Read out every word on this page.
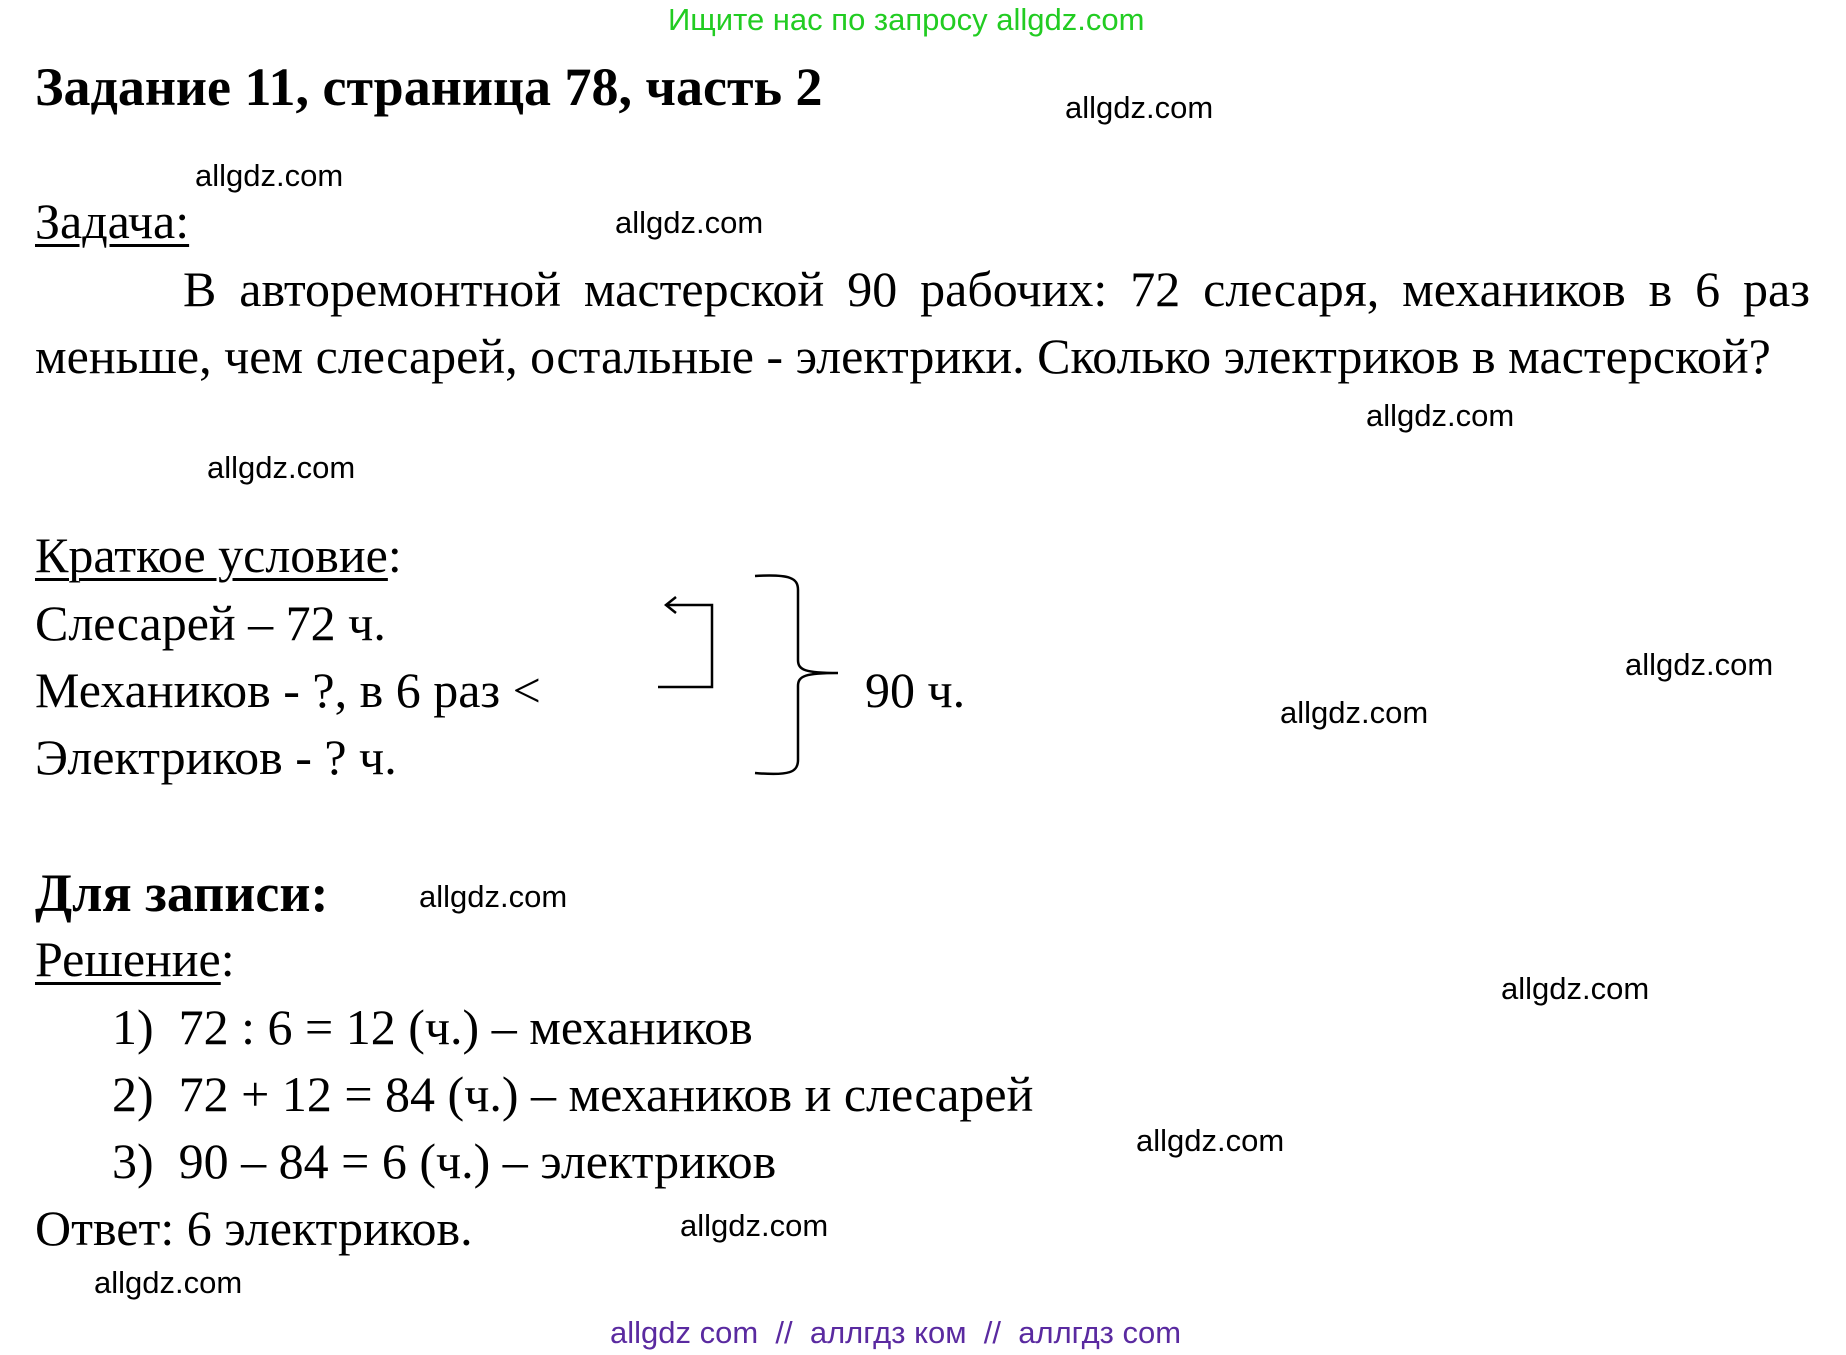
Ищите нас по запросу allgdz.com
Задание 11, страница 78, часть 2
Задача:
В авторемонтной мастерской 90 рабочих: 72 слесаря, механиков в 6 раз меньше, чем слесарей, остальные - электрики. Сколько электриков в мастерской?
Краткое условие:
Слесарей – 72 ч.
Механиков - ?, в 6 раз <
Электриков - ? ч.
90 ч.
Для записи:
Решение:
1) 72 : 6 = 12 (ч.) – механиков
2) 72 + 12 = 84 (ч.) – механиков и слесарей
3) 90 – 84 = 6 (ч.) – электриков
Ответ: 6 электриков.
allgdz.com
allgdz.com
allgdz.com
allgdz.com
allgdz.com
allgdz.com
allgdz.com
allgdz.com
allgdz.com
allgdz.com
allgdz.com
allgdz.com
allgdz com  //  аллгдз ком  //  аллгдз com
